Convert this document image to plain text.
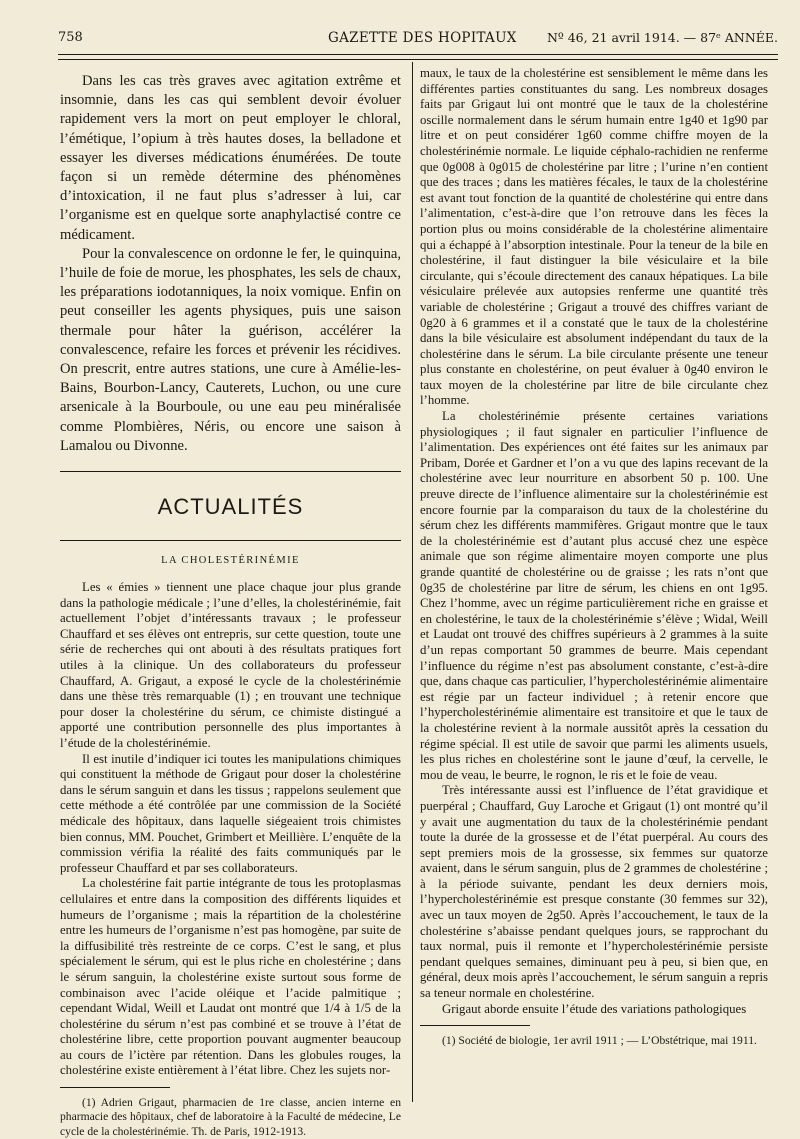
758	GAZETTE DES HOPITAUX Nº 46, 21 avril 1914. — 87ᵉ ANNÉE.

Dans les cas très graves avec agitation extrême et insomnie, dans les cas qui semblent devoir évoluer rapidement vers la mort on peut employer le chloral, l’émétique, l’opium à très hautes doses, la belladone et essayer les diverses médications énumérées. De toute façon si un remède détermine des phénomènes d’intoxication, il ne faut plus s’adresser à lui, car l’organisme est en quelque sorte anaphylactisé contre ce médicament.

Pour la convalescence on ordonne le fer, le quinquina, l’huile de foie de morue, les phosphates, les sels de chaux, les préparations iodotanniques, la noix vomique. Enfin on peut conseiller les agents physiques, puis une saison thermale pour hâter la guérison, accélérer la convalescence, refaire les forces et prévenir les récidives. On prescrit, entre autres stations, une cure à Amélie-les-Bains, Bourbon-Lancy, Cauterets, Luchon, ou une cure arsenicale à la Bourboule, ou une eau peu minéralisée comme Plombières, Néris, ou encore une saison à Lamalou ou Divonne.

ACTUALITÉS
LA CHOLESTÉRINÉMIE

Les « émies » tiennent une place chaque jour plus grande dans la pathologie médicale ; l’une d’elles, la cholestérinémie, fait actuellement l’objet d’intéressants travaux ; le professeur Chauffard et ses élèves ont entrepris, sur cette question, toute une série de recherches qui ont abouti à des résultats pratiques fort utiles à la clinique. Un des collaborateurs du professeur Chauffard, A. Grigaut, a exposé le cycle de la cholestérinémie dans une thèse très remarquable (1) ; en trouvant une technique pour doser la cholestérine du sérum, ce chimiste distingué a apporté une contribution personnelle des plus importantes à l’étude de la cholestérinémie.

Il est inutile d’indiquer ici toutes les manipulations chimiques qui constituent la méthode de Grigaut pour doser la cholestérine dans le sérum sanguin et dans les tissus ; rappelons seulement que cette méthode a été contrôlée par une commission de la Société médicale des hôpitaux, dans laquelle siégeaient trois chimistes bien connus, MM. Pouchet, Grimbert et Meillière. L’enquête de la commission vérifia la réalité des faits communiqués par le professeur Chauffard et par ses collaborateurs.

La cholestérine fait partie intégrante de tous les protoplasmas cellulaires et entre dans la composition des différents liquides et humeurs de l’organisme ; mais la répartition de la cholestérine entre les humeurs de l’organisme n’est pas homogène, par suite de la diffusibilité très restreinte de ce corps. C’est le sang, et plus spécialement le sérum, qui est le plus riche en cholestérine ; dans le sérum sanguin, la cholestérine existe surtout sous forme de combinaison avec l’acide oléique et l’acide palmitique ; cependant Widal, Weill et Laudat ont montré que 1/4 à 1/5 de la cholestérine du sérum n’est pas combiné et se trouve à l’état de cholestérine libre, cette proportion pouvant augmenter beaucoup au cours de l’ictère par rétention. Dans les globules rouges, la cholestérine existe entièrement à l’état libre. Chez les sujets nor-

(1) Adrien Grigaut, pharmacien de 1re classe, ancien interne en pharmacie des hôpitaux, chef de laboratoire à la Faculté de médecine, Le cycle de la cholestérinémie. Th. de Paris, 1912-1913.

maux, le taux de la cholestérine est sensiblement le même dans les différentes parties constituantes du sang. Les nombreux dosages faits par Grigaut lui ont montré que le taux de la cholestérine oscille normalement dans le sérum humain entre 1g40 et 1g90 par litre et on peut considérer 1g60 comme chiffre moyen de la cholestérinémie normale. Le liquide céphalo-rachidien ne renferme que 0g008 à 0g015 de cholestérine par litre ; l’urine n’en contient que des traces ; dans les matières fécales, le taux de la cholestérine est avant tout fonction de la quantité de cholestérine qui entre dans l’alimentation, c’est-à-dire que l’on retrouve dans les fèces la portion plus ou moins considérable de la cholestérine alimentaire qui a échappé à l’absorption intestinale. Pour la teneur de la bile en cholestérine, il faut distinguer la bile vésiculaire et la bile circulante, qui s’écoule directement des canaux hépatiques. La bile vésiculaire prélevée aux autopsies renferme une quantité très variable de cholestérine ; Grigaut a trouvé des chiffres variant de 0g20 à 6 grammes et il a constaté que le taux de la cholestérine dans la bile vésiculaire est absolument indépendant du taux de la cholestérine dans le sérum. La bile circulante présente une teneur plus constante en cholestérine, on peut évaluer à 0g40 environ le taux moyen de la cholestérine par litre de bile circulante chez l’homme.

La cholestérinémie présente certaines variations physiologiques ; il faut signaler en particulier l’influence de l’alimentation. Des expériences ont été faites sur les animaux par Pribam, Dorée et Gardner et l’on a vu que des lapins recevant de la cholestérine avec leur nourriture en absorbent 50 p. 100. Une preuve directe de l’influence alimentaire sur la cholestérinémie est encore fournie par la comparaison du taux de la cholestérine du sérum chez les différents mammifères. Grigaut montre que le taux de la cholestérinémie est d’autant plus accusé chez une espèce animale que son régime alimentaire moyen comporte une plus grande quantité de cholestérine ou de graisse ; les rats n’ont que 0g35 de cholestérine par litre de sérum, les chiens en ont 1g95. Chez l’homme, avec un régime particulièrement riche en graisse et en cholestérine, le taux de la cholestérinémie s’élève ; Widal, Weill et Laudat ont trouvé des chiffres supérieurs à 2 grammes à la suite d’un repas comportant 50 grammes de beurre. Mais cependant l’influence du régime n’est pas absolument constante, c’est-à-dire que, dans chaque cas particulier, l’hypercholestérinémie alimentaire est régie par un facteur individuel ; à retenir encore que l’hypercholestérinémie alimentaire est transitoire et que le taux de la cholestérine revient à la normale aussitôt après la cessation du régime spécial. Il est utile de savoir que parmi les aliments usuels, les plus riches en cholestérine sont le jaune d’œuf, la cervelle, le mou de veau, le beurre, le rognon, le ris et le foie de veau.

Très intéressante aussi est l’influence de l’état gravidique et puerpéral ; Chauffard, Guy Laroche et Grigaut (1) ont montré qu’il y avait une augmentation du taux de la cholestérinémie pendant toute la durée de la grossesse et de l’état puerpéral. Au cours des sept premiers mois de la grossesse, six femmes sur quatorze avaient, dans le sérum sanguin, plus de 2 grammes de cholestérine ; à la période suivante, pendant les deux derniers mois, l’hypercholestérinémie est presque constante (30 femmes sur 32), avec un taux moyen de 2g50. Après l’accouchement, le taux de la cholestérine s’abaisse pendant quelques jours, se rapprochant du taux normal, puis il remonte et l’hypercholestérinémie persiste pendant quelques semaines, diminuant peu à peu, si bien que, en général, deux mois après l’accouchement, le sérum sanguin a repris sa teneur normale en cholestérine.

Grigaut aborde ensuite l’étude des variations pathologiques

(1) Société de biologie, 1er avril 1911 ; — L’Obstétrique, mai 1911.
